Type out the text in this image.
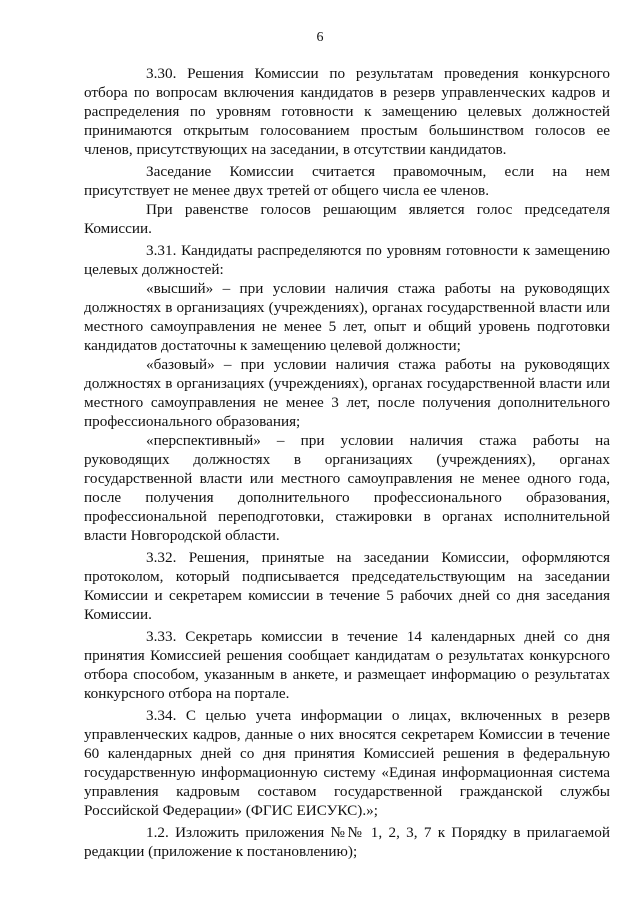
6

3.30. Решения Комиссии по результатам проведения конкурсного отбора по вопросам включения кандидатов в резерв управленческих кадров и распределения по уровням готовности к замещению целевых должностей принимаются открытым голосованием простым большинством голосов ее членов, присутствующих на заседании, в отсутствии кандидатов.

Заседание Комиссии считается правомочным, если на нем присутствует не менее двух третей от общего числа ее членов.

При равенстве голосов решающим является голос председателя Комиссии.

3.31. Кандидаты распределяются по уровням готовности к замещению целевых должностей:

«высший» – при условии наличия стажа работы на руководящих должностях в организациях (учреждениях), органах государственной власти или местного самоуправления не менее 5 лет, опыт и общий уровень подготовки кандидатов достаточны к замещению целевой должности;

«базовый» – при условии наличия стажа работы на руководящих должностях в организациях (учреждениях), органах государственной власти или местного самоуправления не менее 3 лет, после получения дополнительного профессионального образования;

«перспективный» – при условии наличия стажа работы на руководящих должностях в организациях (учреждениях), органах государственной власти или местного самоуправления не менее одного года, после получения дополнительного профессионального образования, профессиональной переподготовки, стажировки в органах исполнительной власти Новгородской области.

3.32. Решения, принятые на заседании Комиссии, оформляются протоколом, который подписывается председательствующим на заседании Комиссии и секретарем комиссии в течение 5 рабочих дней со дня заседания Комиссии.

3.33. Секретарь комиссии в течение 14 календарных дней со дня принятия Комиссией решения сообщает кандидатам о результатах конкурсного отбора способом, указанным в анкете, и размещает информацию о результатах конкурсного отбора на портале.

3.34. С целью учета информации о лицах, включенных в резерв управленческих кадров, данные о них вносятся секретарем Комиссии в течение 60 календарных дней со дня принятия Комиссией решения в федеральную государственную информационную систему «Единая информационная система управления кадровым составом государственной гражданской службы Российской Федерации» (ФГИС ЕИСУКС).»;

1.2. Изложить приложения №№ 1, 2, 3, 7 к Порядку в прилагаемой редакции (приложение к постановлению);
